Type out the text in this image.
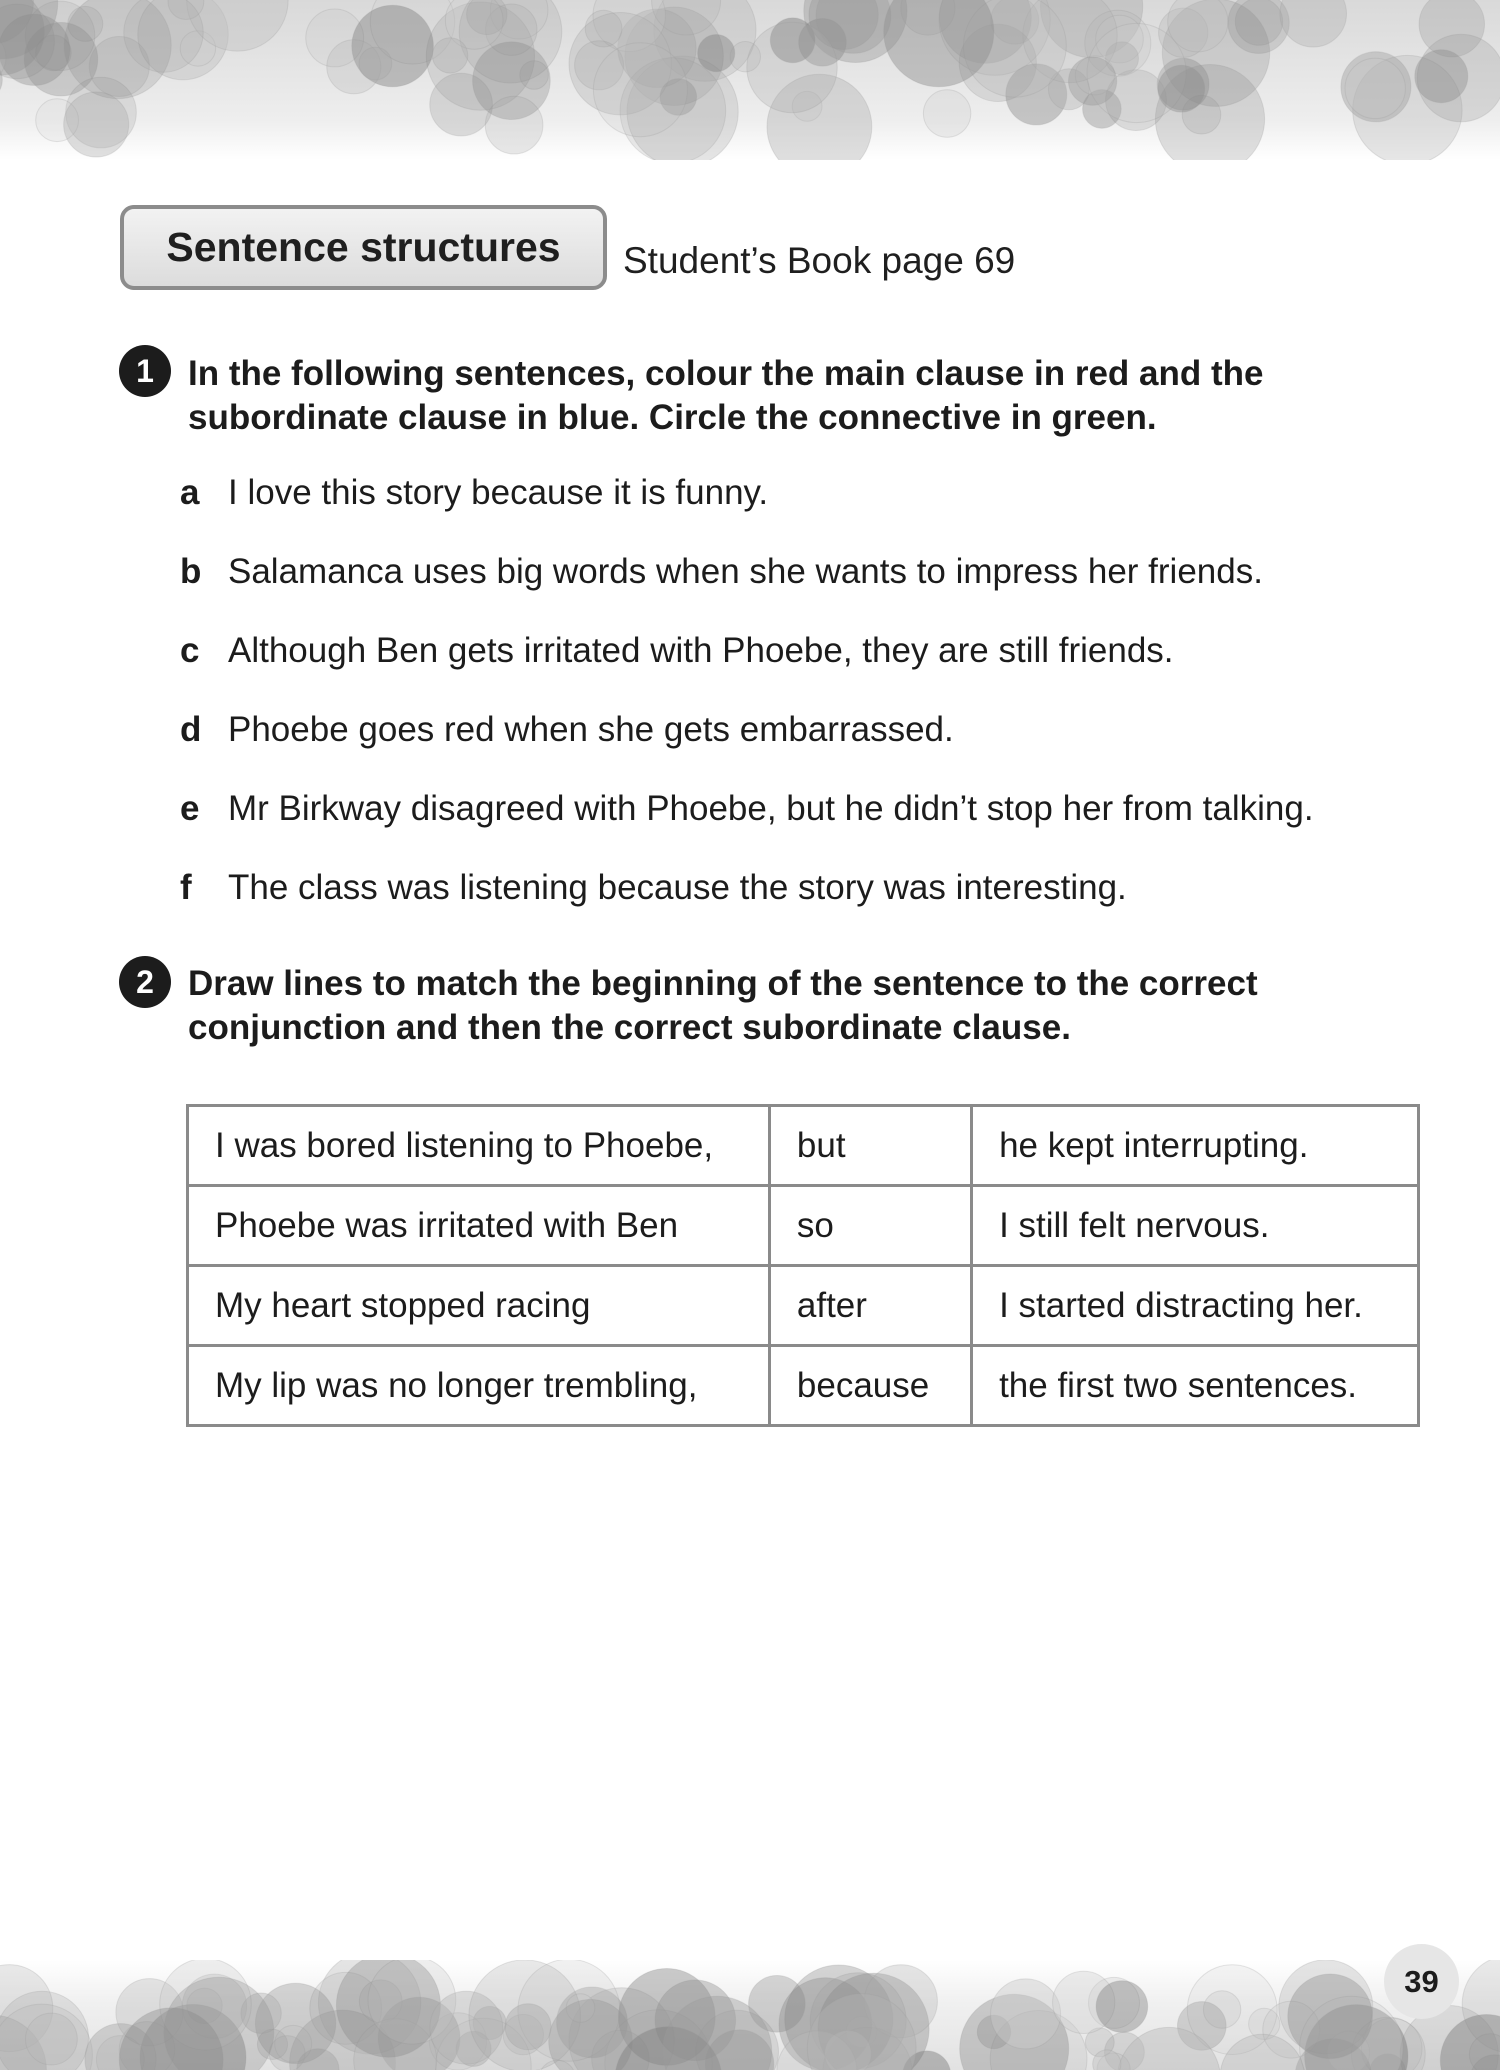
Sentence structures Student’s Book page 69
1 In the following sentences, colour the main clause in red and the
subordinate clause in blue. Circle the connective in green.
a I love this story because it is funny.
b Salamanca uses big words when she wants to impress her friends.
c Although Ben gets irritated with Phoebe, they are still friends.
d Phoebe goes red when she gets embarrassed.
e Mr Birkway disagreed with Phoebe, but he didn’t stop her from talking.
f The class was listening because the story was interesting.
2 Draw lines to match the beginning of the sentence to the correct
conjunction and then the correct subordinate clause.
I was bored listening to Phoebe,	but	he kept interrupting.
Phoebe was irritated with Ben	so	I still felt nervous.
My heart stopped racing	after	I started distracting her.
My lip was no longer trembling,	because	the first two sentences.
39
